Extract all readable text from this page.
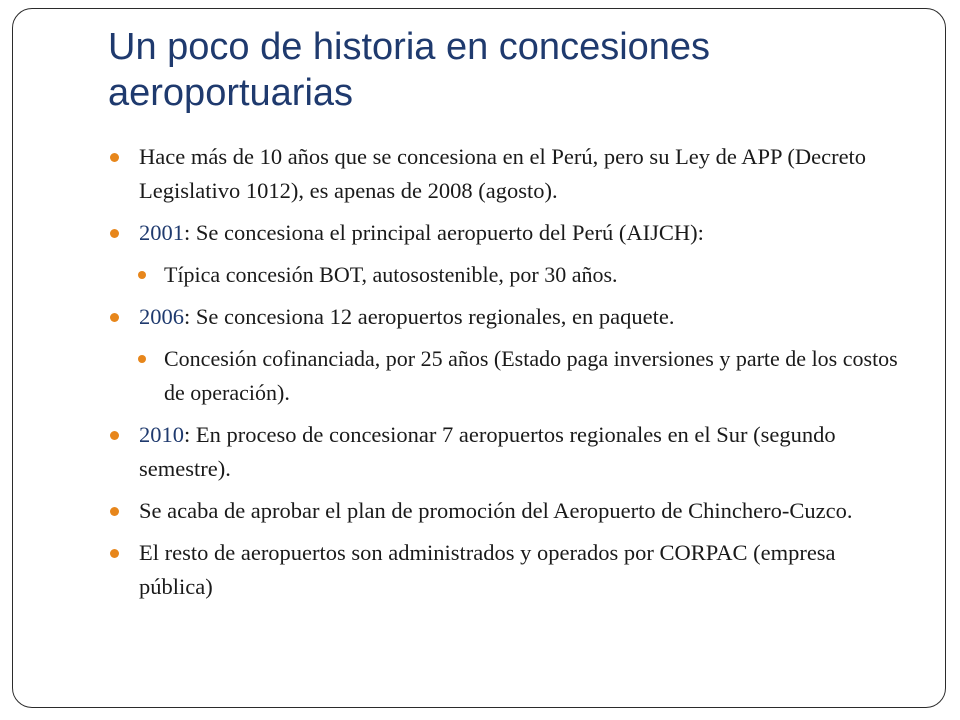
Un poco de historia en concesiones aeroportuarias
Hace más de 10 años que se concesiona en el Perú, pero su Ley de APP (Decreto Legislativo 1012), es apenas de 2008 (agosto).
2001: Se concesiona el principal aeropuerto del Perú (AIJCH):
Típica concesión BOT, autosostenible, por 30 años.
2006: Se concesiona 12 aeropuertos regionales, en paquete.
Concesión cofinanciada, por 25 años (Estado paga inversiones y parte de los costos de operación).
2010: En proceso de concesionar 7 aeropuertos regionales en el Sur (segundo semestre).
Se acaba de aprobar el plan de promoción del Aeropuerto de Chinchero-Cuzco.
El resto de aeropuertos son administrados y operados por CORPAC (empresa pública)
